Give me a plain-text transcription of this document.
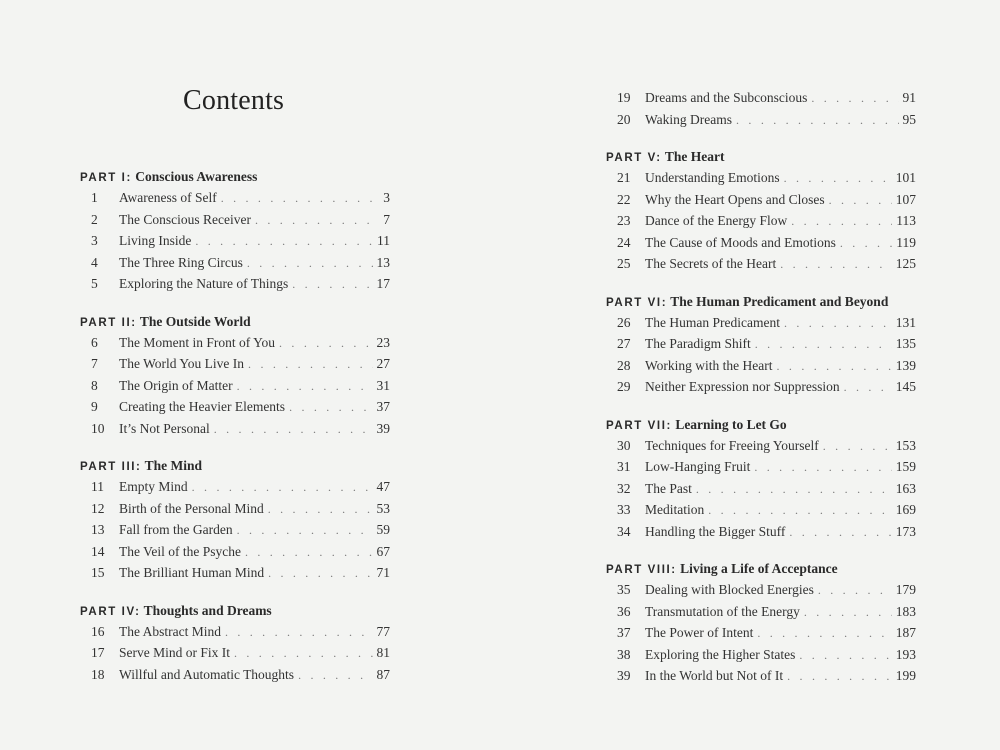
Contents
PART I: Conscious Awareness
1	Awareness of Self . . .	3
2	The Conscious Receiver . . .	7
3	Living Inside . . .	11
4	The Three Ring Circus . . .	13
5	Exploring the Nature of Things . . .	17
PART II: The Outside World
6	The Moment in Front of You . . .	23
7	The World You Live In . . .	27
8	The Origin of Matter . . .	31
9	Creating the Heavier Elements . . .	37
10	It’s Not Personal . . .	39
PART III: The Mind
11	Empty Mind . . .	47
12	Birth of the Personal Mind . . .	53
13	Fall from the Garden . . .	59
14	The Veil of the Psyche . . .	67
15	The Brilliant Human Mind . . .	71
PART IV: Thoughts and Dreams
16	The Abstract Mind . . .	77
17	Serve Mind or Fix It . . .	81
18	Willful and Automatic Thoughts . . .	87
19	Dreams and the Subconscious . . .	91
20	Waking Dreams . . .	95
PART V: The Heart
21	Understanding Emotions . . .	101
22	Why the Heart Opens and Closes . . .	107
23	Dance of the Energy Flow . . .	113
24	The Cause of Moods and Emotions . . .	119
25	The Secrets of the Heart . . .	125
PART VI: The Human Predicament and Beyond
26	The Human Predicament . . .	131
27	The Paradigm Shift . . .	135
28	Working with the Heart . . .	139
29	Neither Expression nor Suppression . . .	145
PART VII: Learning to Let Go
30	Techniques for Freeing Yourself . . .	153
31	Low-Hanging Fruit . . .	159
32	The Past . . .	163
33	Meditation . . .	169
34	Handling the Bigger Stuff . . .	173
PART VIII: Living a Life of Acceptance
35	Dealing with Blocked Energies . . .	179
36	Transmutation of the Energy . . .	183
37	The Power of Intent . . .	187
38	Exploring the Higher States . . .	193
39	In the World but Not of It . . .	199
